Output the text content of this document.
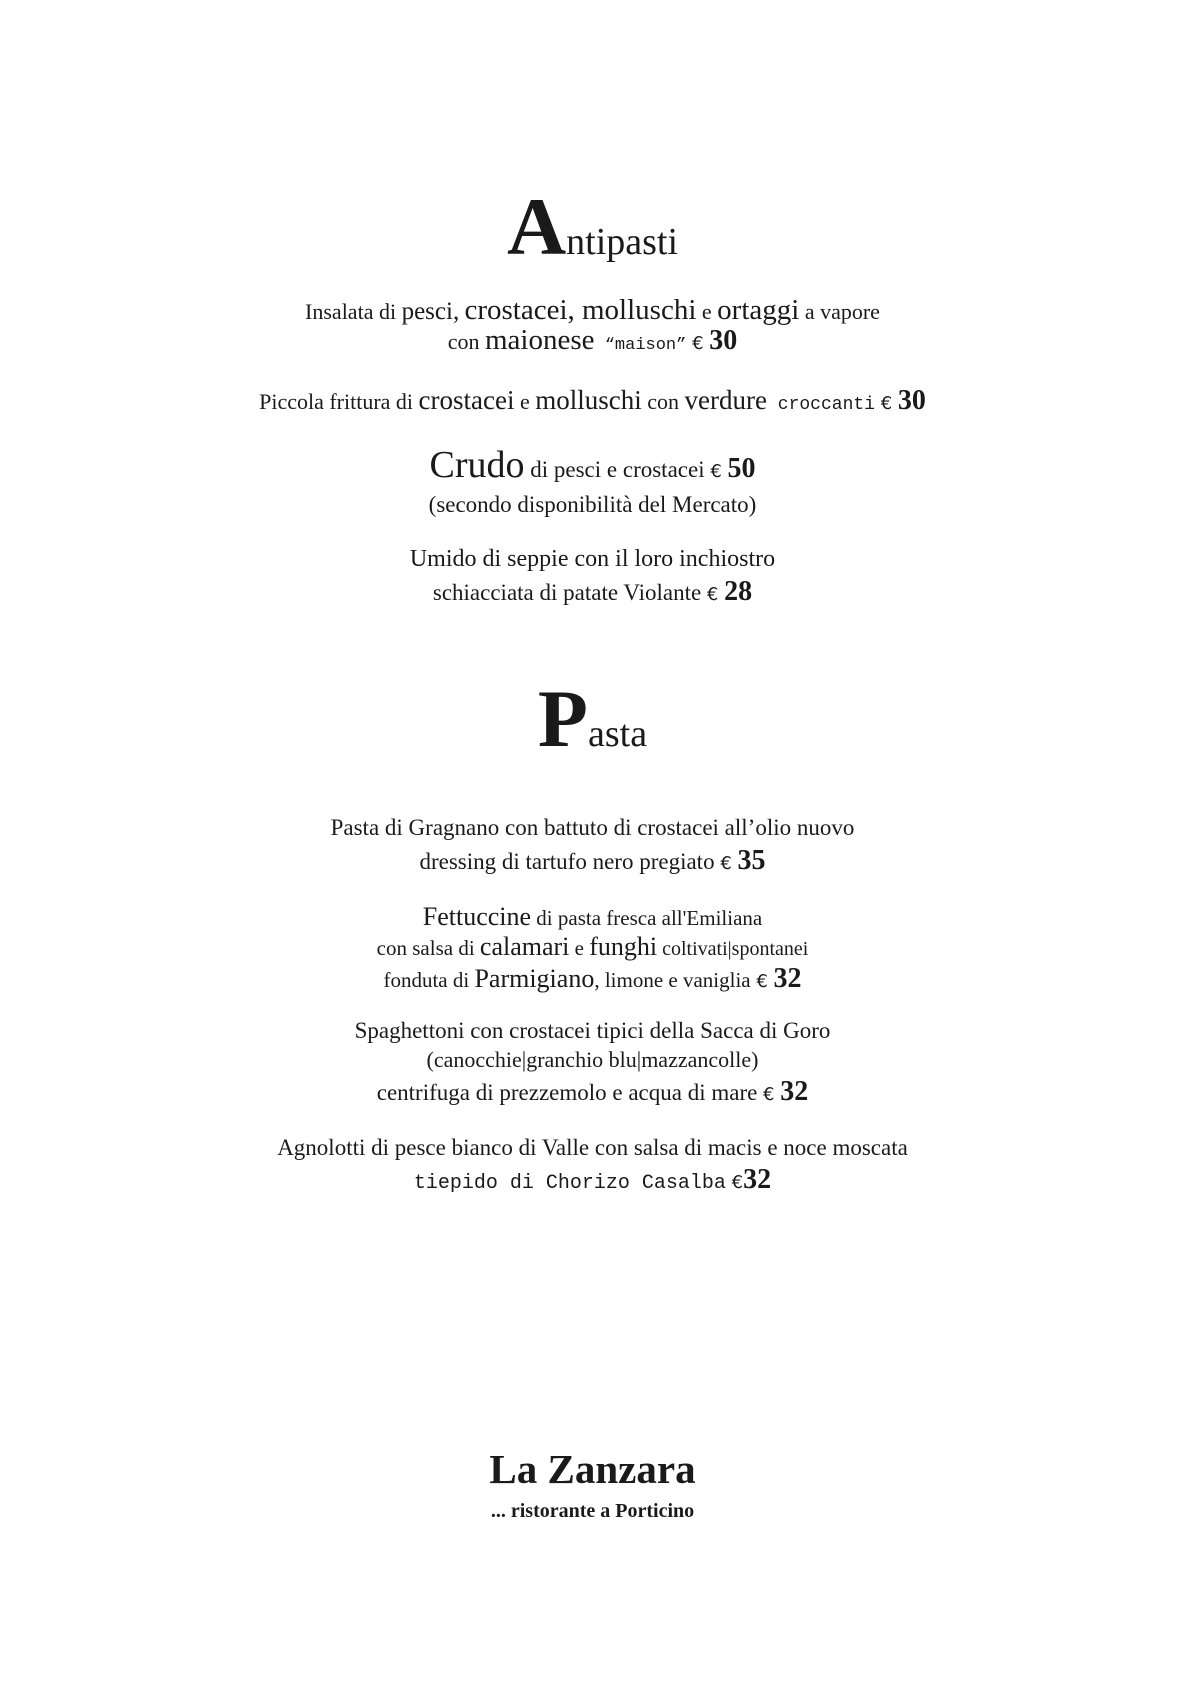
Antipasti
Insalata di pesci, crostacei, molluschi e ortaggi a vapore
con maionese “maison” € 30
Piccola frittura di crostacei e molluschi con verdure croccanti € 30
Crudo di pesci e crostacei € 50
(secondo disponibilità del Mercato)
Umido di seppie con il loro inchiostro
schiacciata di patate Violante € 28
Pasta
Pasta di Gragnano con battuto di crostacei all’olio nuovo
dressing di tartufo nero pregiato € 35
Fettuccine di pasta fresca all'Emiliana
con salsa di calamari e funghi coltivati|spontanei
fonduta di Parmigiano, limone e vaniglia € 32
Spaghettoni con crostacei tipici della Sacca di Goro
(canocchie|granchio blu|mazzancolle)
centrifuga di prezzemolo e acqua di mare € 32
Agnolotti di pesce bianco di Valle con salsa di macis e noce moscata
tiepido di Chorizo Casalba €32
La Zanzara
... ristorante a Porticino
